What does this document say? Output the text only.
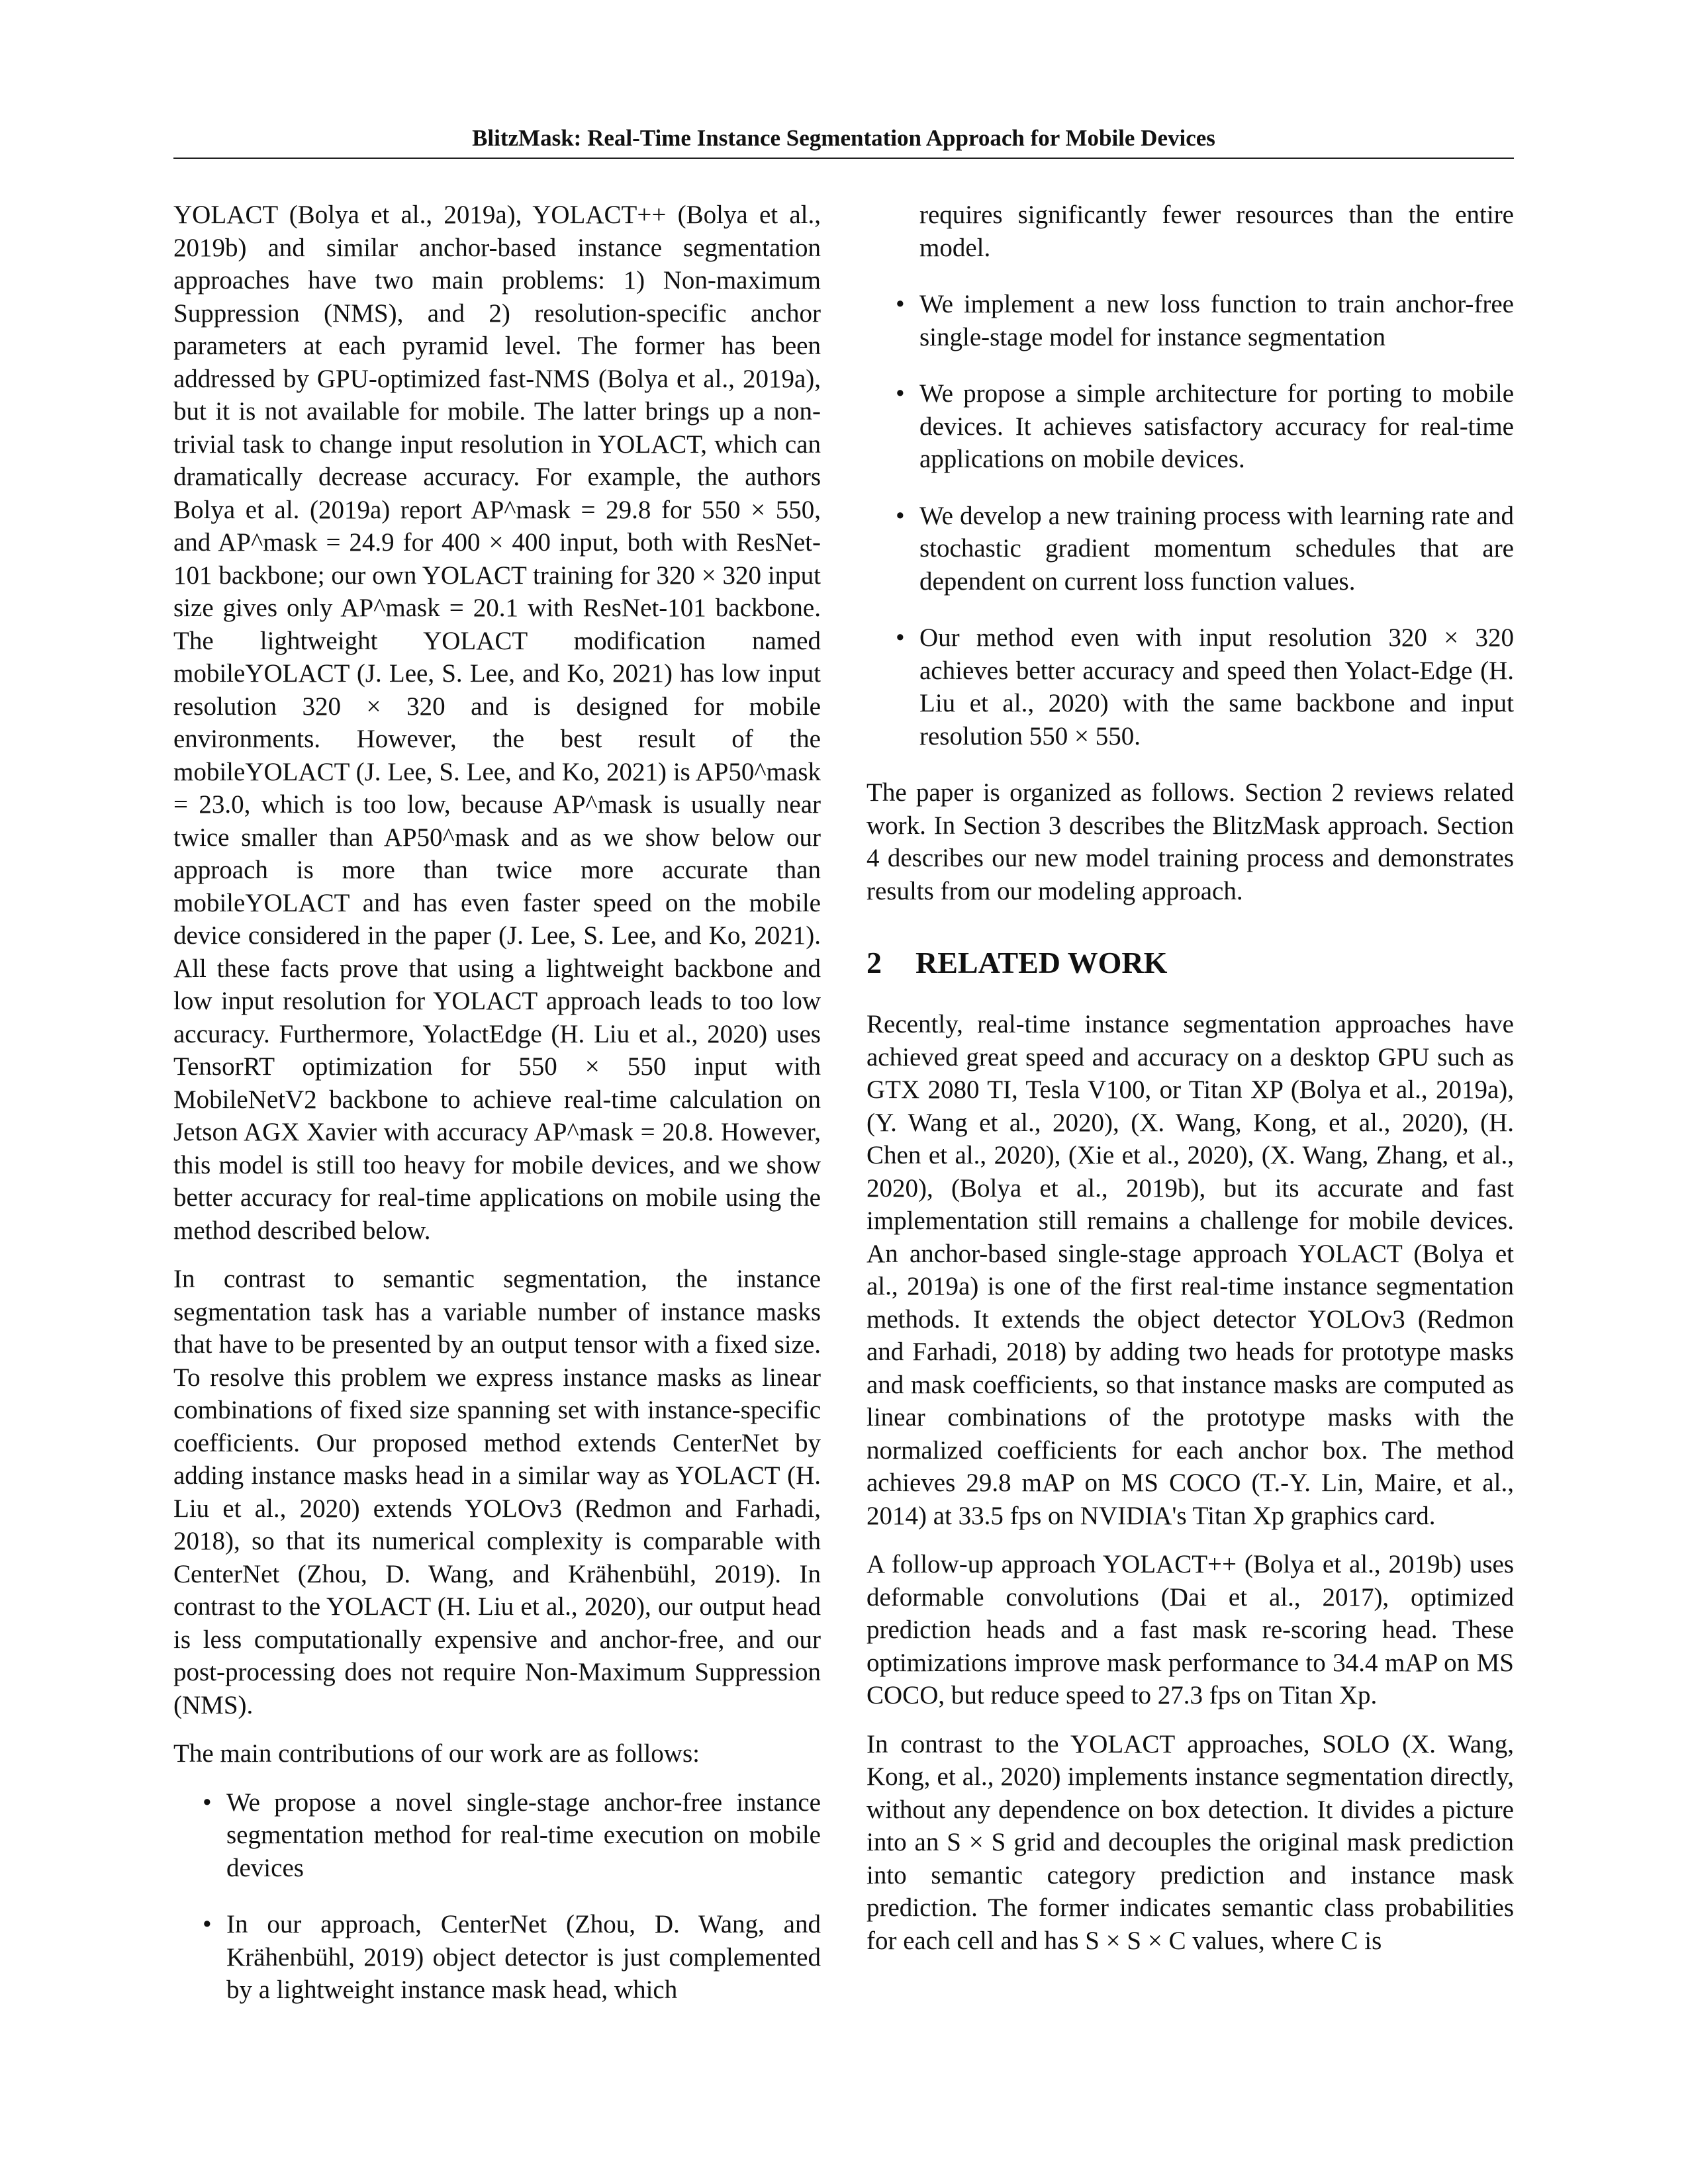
BlitzMask: Real-Time Instance Segmentation Approach for Mobile Devices

YOLACT (Bolya et al., 2019a), YOLACT++ (Bolya et al., 2019b) and similar anchor-based instance segmentation approaches have two main problems: 1) Non-maximum Suppression (NMS), and 2) resolution-specific anchor parameters at each pyramid level. The former has been addressed by GPU-optimized fast-NMS (Bolya et al., 2019a), but it is not available for mobile. The latter brings up a non-trivial task to change input resolution in YOLACT, which can dramatically decrease accuracy. For example, the authors Bolya et al. (2019a) report AP^mask = 29.8 for 550 × 550, and AP^mask = 24.9 for 400 × 400 input, both with ResNet-101 backbone; our own YOLACT training for 320 × 320 input size gives only AP^mask = 20.1 with ResNet-101 backbone. The lightweight YOLACT modification named mobileYOLACT (J. Lee, S. Lee, and Ko, 2021) has low input resolution 320 × 320 and is designed for mobile environments. However, the best result of the mobileYOLACT (J. Lee, S. Lee, and Ko, 2021) is AP50^mask = 23.0, which is too low, because AP^mask is usually near twice smaller than AP50^mask and as we show below our approach is more than twice more accurate than mobileYOLACT and has even faster speed on the mobile device considered in the paper (J. Lee, S. Lee, and Ko, 2021). All these facts prove that using a lightweight backbone and low input resolution for YOLACT approach leads to too low accuracy. Furthermore, YolactEdge (H. Liu et al., 2020) uses TensorRT optimization for 550 × 550 input with MobileNetV2 backbone to achieve real-time calculation on Jetson AGX Xavier with accuracy AP^mask = 20.8. However, this model is still too heavy for mobile devices, and we show better accuracy for real-time applications on mobile using the method described below.

In contrast to semantic segmentation, the instance segmentation task has a variable number of instance masks that have to be presented by an output tensor with a fixed size. To resolve this problem we express instance masks as linear combinations of fixed size spanning set with instance-specific coefficients. Our proposed method extends CenterNet by adding instance masks head in a similar way as YOLACT (H. Liu et al., 2020) extends YOLOv3 (Redmon and Farhadi, 2018), so that its numerical complexity is comparable with CenterNet (Zhou, D. Wang, and Krähenbühl, 2019). In contrast to the YOLACT (H. Liu et al., 2020), our output head is less computationally expensive and anchor-free, and our post-processing does not require Non-Maximum Suppression (NMS).

The main contributions of our work are as follows:

• We propose a novel single-stage anchor-free instance segmentation method for real-time execution on mobile devices
• In our approach, CenterNet (Zhou, D. Wang, and Krähenbühl, 2019) object detector is just complemented by a lightweight instance mask head, which
requires significantly fewer resources than the entire model.
• We implement a new loss function to train anchor-free single-stage model for instance segmentation
• We propose a simple architecture for porting to mobile devices. It achieves satisfactory accuracy for real-time applications on mobile devices.
• We develop a new training process with learning rate and stochastic gradient momentum schedules that are dependent on current loss function values.
• Our method even with input resolution 320 × 320 achieves better accuracy and speed then Yolact-Edge (H. Liu et al., 2020) with the same backbone and input resolution 550 × 550.

The paper is organized as follows. Section 2 reviews related work. In Section 3 describes the BlitzMask approach. Section 4 describes our new model training process and demonstrates results from our modeling approach.

2 RELATED WORK

Recently, real-time instance segmentation approaches have achieved great speed and accuracy on a desktop GPU such as GTX 2080 TI, Tesla V100, or Titan XP (Bolya et al., 2019a), (Y. Wang et al., 2020), (X. Wang, Kong, et al., 2020), (H. Chen et al., 2020), (Xie et al., 2020), (X. Wang, Zhang, et al., 2020), (Bolya et al., 2019b), but its accurate and fast implementation still remains a challenge for mobile devices. An anchor-based single-stage approach YOLACT (Bolya et al., 2019a) is one of the first real-time instance segmentation methods. It extends the object detector YOLOv3 (Redmon and Farhadi, 2018) by adding two heads for prototype masks and mask coefficients, so that instance masks are computed as linear combinations of the prototype masks with the normalized coefficients for each anchor box. The method achieves 29.8 mAP on MS COCO (T.-Y. Lin, Maire, et al., 2014) at 33.5 fps on NVIDIA's Titan Xp graphics card.

A follow-up approach YOLACT++ (Bolya et al., 2019b) uses deformable convolutions (Dai et al., 2017), optimized prediction heads and a fast mask re-scoring head. These optimizations improve mask performance to 34.4 mAP on MS COCO, but reduce speed to 27.3 fps on Titan Xp.

In contrast to the YOLACT approaches, SOLO (X. Wang, Kong, et al., 2020) implements instance segmentation directly, without any dependence on box detection. It divides a picture into an S × S grid and decouples the original mask prediction into semantic category prediction and instance mask prediction. The former indicates semantic class probabilities for each cell and has S × S × C values, where C is
